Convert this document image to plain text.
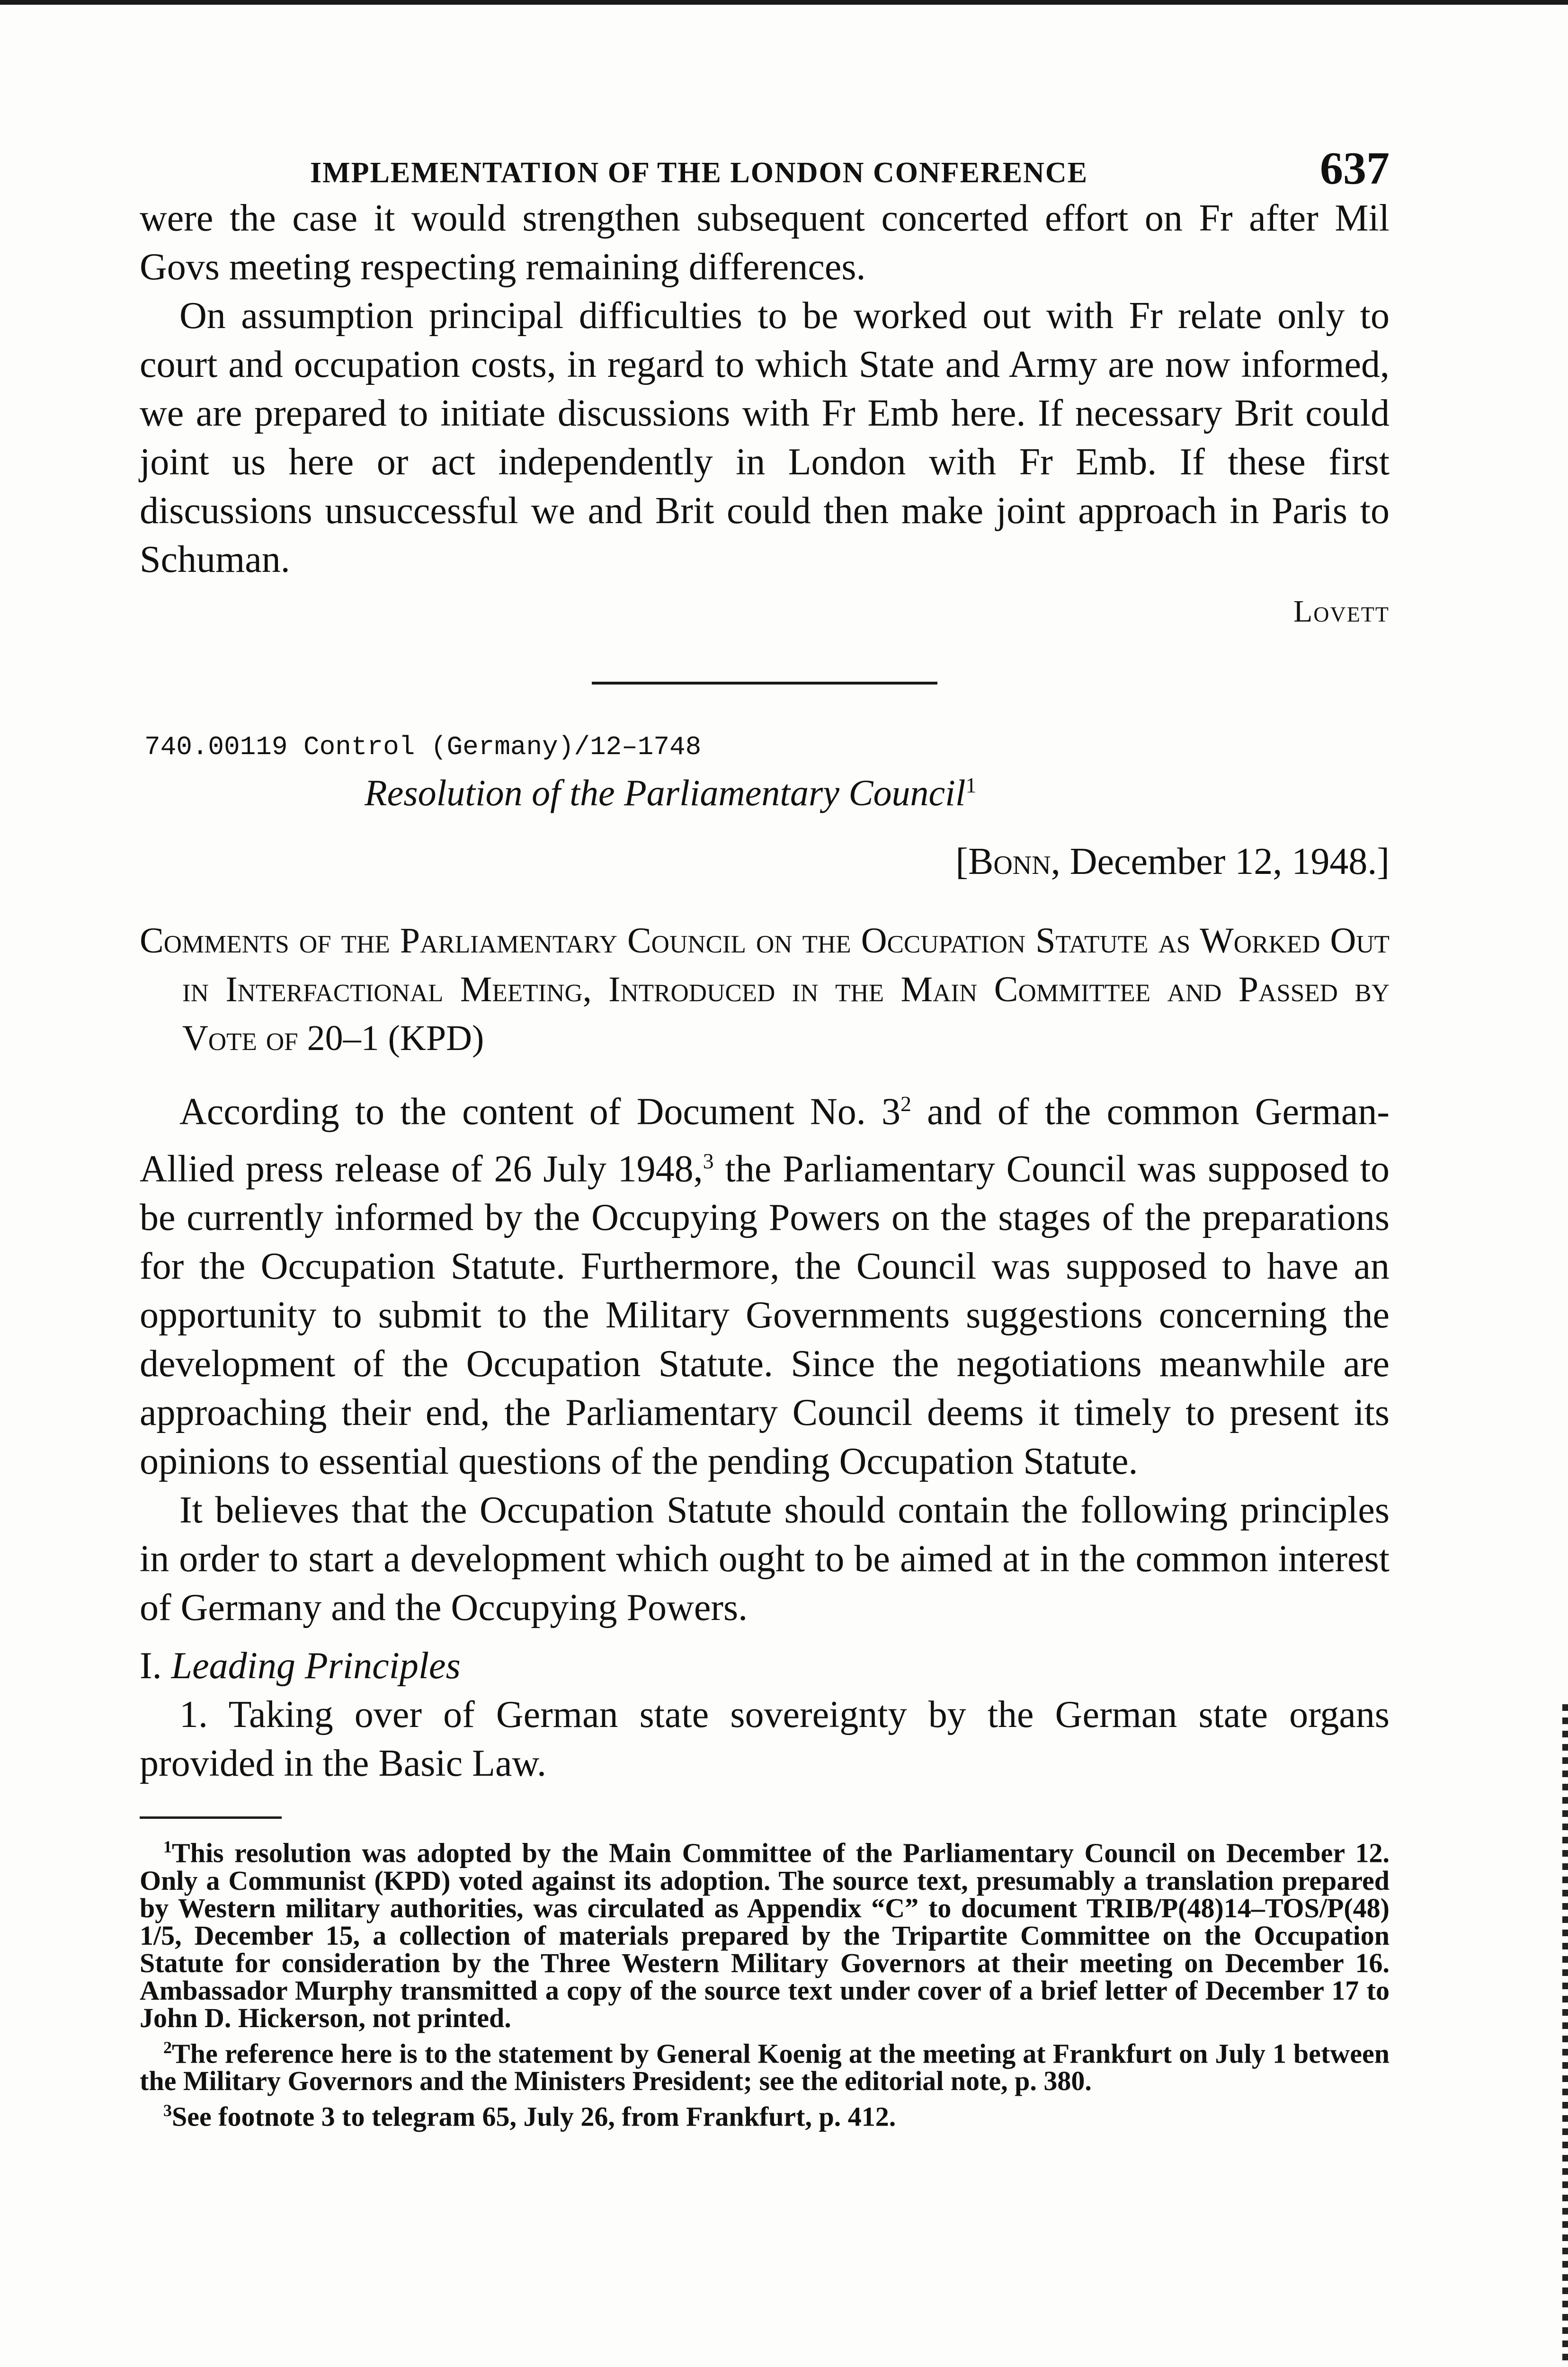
IMPLEMENTATION OF THE LONDON CONFERENCE	637

were the case it would strengthen subsequent concerted effort on Fr after Mil Govs meeting respecting remaining differences.

On assumption principal difficulties to be worked out with Fr relate only to court and occupation costs, in regard to which State and Army are now informed, we are prepared to initiate discussions with Fr Emb here. If necessary Brit could joint us here or act independently in London with Fr Emb. If these first discussions unsuccessful we and Brit could then make joint approach in Paris to Schuman.

Lovett
740.00119 Control (Germany)/12–1748
Resolution of the Parliamentary Council$^1$
[Bonn, December 12, 1948.]
Comments of the Parliamentary Council on the Occupation Statute as Worked Out in Interfactional Meeting, Introduced in the Main Committee and Passed by Vote of 20–1 (KPD)

According to the content of Document No. 3$^2$ and of the common German-Allied press release of 26 July 1948,$^3$ the Parliamentary Council was supposed to be currently informed by the Occupying Powers on the stages of the preparations for the Occupation Statute. Furthermore, the Council was supposed to have an opportunity to submit to the Military Governments suggestions concerning the development of the Occupation Statute. Since the negotiations meanwhile are approaching their end, the Parliamentary Council deems it timely to present its opinions to essential questions of the pending Occupation Statute.

It believes that the Occupation Statute should contain the following principles in order to start a development which ought to be aimed at in the common interest of Germany and the Occupying Powers.

I. Leading Principles

1. Taking over of German state sovereignty by the German state organs provided in the Basic Law.

$^1$This resolution was adopted by the Main Committee of the Parliamentary Council on December 12. Only a Communist (KPD) voted against its adoption. The source text, presumably a translation prepared by Western military authorities, was circulated as Appendix “C” to document TRIB/P(48)14–TOS/P(48) 1/5, December 15, a collection of materials prepared by the Tripartite Committee on the Occupation Statute for consideration by the Three Western Military Governors at their meeting on December 16. Ambassador Murphy transmitted a copy of the source text under cover of a brief letter of December 17 to John D. Hickerson, not printed.

$^2$The reference here is to the statement by General Koenig at the meeting at Frankfurt on July 1 between the Military Governors and the Ministers President; see the editorial note, p. 380.

$^3$See footnote 3 to telegram 65, July 26, from Frankfurt, p. 412.
